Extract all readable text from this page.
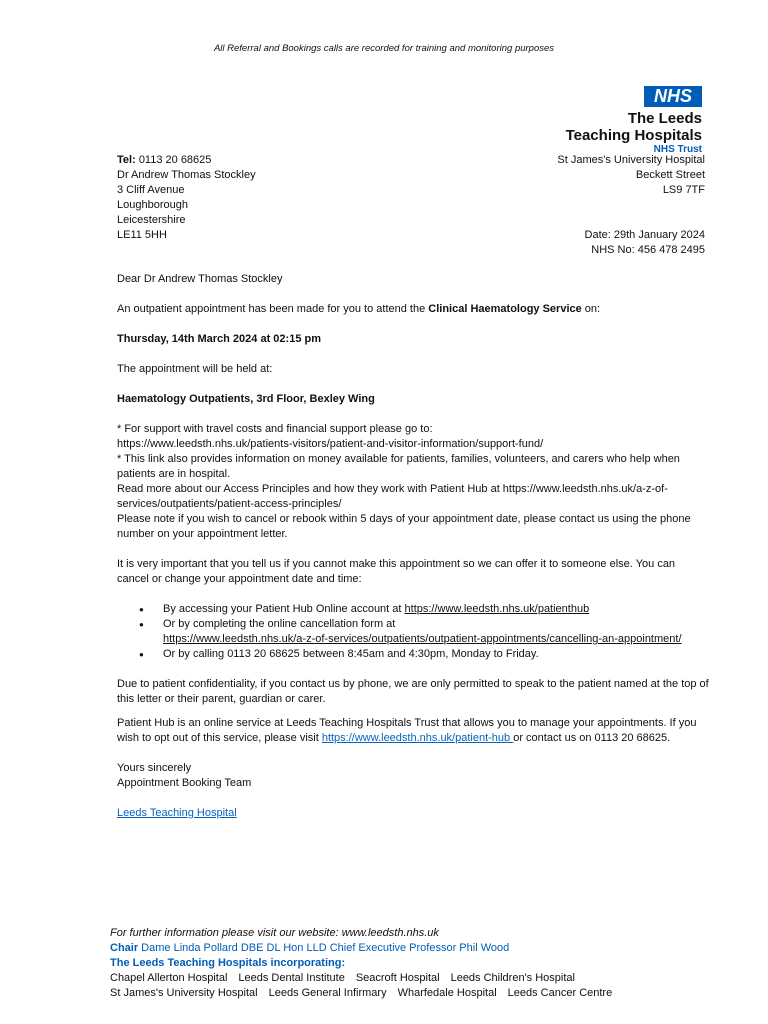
All Referral and Bookings calls are recorded for training and monitoring purposes
NHS
The Leeds
Teaching Hospitals
NHS Trust
Tel: 0113 20 68625
Dr Andrew Thomas Stockley
3 Cliff Avenue
Loughborough
Leicestershire
LE11 5HH
St James's University Hospital
Beckett Street
LS9 7TF
Date: 29th January 2024
NHS No: 456 478 2495

Dear Dr Andrew Thomas Stockley

An outpatient appointment has been made for you to attend the Clinical Haematology Service on:

Thursday, 14th March 2024 at 02:15 pm

The appointment will be held at:

Haematology Outpatients, 3rd Floor, Bexley Wing

* For support with travel costs and financial support please go to:

https://www.leedsth.nhs.uk/patients-visitors/patient-and-visitor-information/support-fund/

* This link also provides information on money available for patients, families, volunteers, and carers who help when patients are in hospital.

Read more about our Access Principles and how they work with Patient Hub at https://www.leedsth.nhs.uk/a-z-of-services/outpatients/patient-access-principles/

Please note if you wish to cancel or rebook within 5 days of your appointment date, please contact us using the phone number on your appointment letter.

It is very important that you tell us if you cannot make this appointment so we can offer it to someone else. You can cancel or change your appointment date and time:

● By accessing your Patient Hub Online account at https://www.leedsth.nhs.uk/patienthub
● Or by completing the online cancellation form at
https://www.leedsth.nhs.uk/a-z-of-services/outpatients/outpatient-appointments/cancelling-an-appointment/
● Or by calling 0113 20 68625 between 8:45am and 4:30pm, Monday to Friday.

Due to patient confidentiality, if you contact us by phone, we are only permitted to speak to the patient named at the top of this letter or their parent, guardian or carer.

Patient Hub is an online service at Leeds Teaching Hospitals Trust that allows you to manage your appointments. If you wish to opt out of this service, please visit https://www.leedsth.nhs.uk/patient-hub or contact us on 0113 20 68625.

Yours sincerely

Appointment Booking Team

Leeds Teaching Hospital

For further information please visit our website: www.leedsth.nhs.uk
Chair Dame Linda Pollard DBE DL Hon LLD Chief Executive Professor Phil Wood
The Leeds Teaching Hospitals incorporating:
Chapel Allerton Hospital Leeds Dental Institute Seacroft Hospital Leeds Children's Hospital
St James's University Hospital Leeds General Infirmary Wharfedale Hospital Leeds Cancer Centre
